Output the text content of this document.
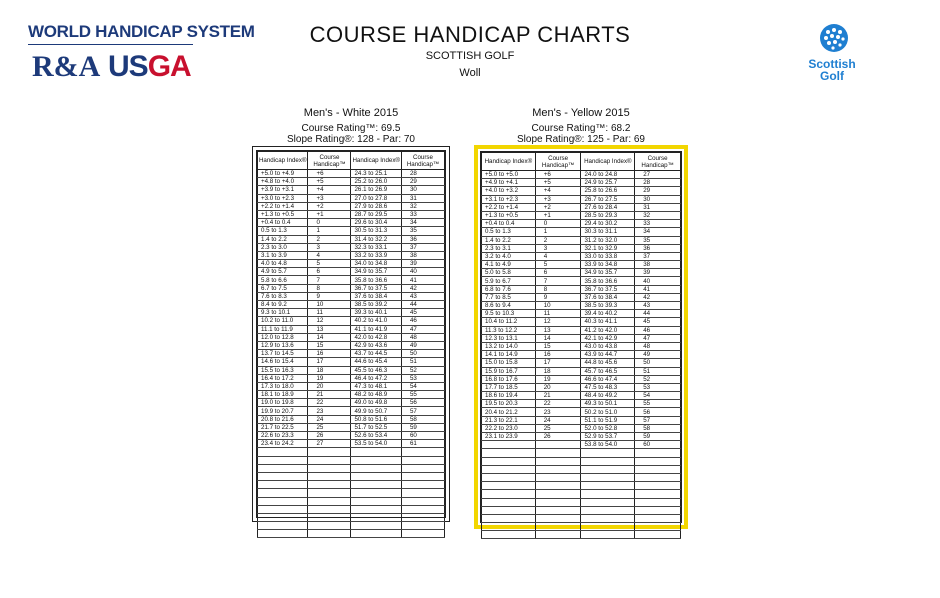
WORLD HANDICAP SYSTEM
R&A USGA	Scottish
Golf
COURSE HANDICAP CHARTS
SCOTTISH GOLF
Woll
Men's - White 2015
Course Rating™: 69.5
Slope Rating®: 128 - Par: 70
Handicap Index®	Course Handicap™	Handicap Index®	Course Handicap™
+5.0 to +4.9	+6	24.3 to 25.1	28
+4.8 to +4.0	+5	25.2 to 26.0	29
+3.9 to +3.1	+4	26.1 to 26.9	30
+3.0 to +2.3	+3	27.0 to 27.8	31
+2.2 to +1.4	+2	27.9 to 28.6	32
+1.3 to +0.5	+1	28.7 to 29.5	33
+0.4 to 0.4	0	29.6 to 30.4	34
0.5 to 1.3	1	30.5 to 31.3	35
1.4 to 2.2	2	31.4 to 32.2	36
2.3 to 3.0	3	32.3 to 33.1	37
3.1 to 3.9	4	33.2 to 33.9	38
4.0 to 4.8	5	34.0 to 34.8	39
4.9 to 5.7	6	34.9 to 35.7	40
5.8 to 6.6	7	35.8 to 36.6	41
6.7 to 7.5	8	36.7 to 37.5	42
7.6 to 8.3	9	37.6 to 38.4	43
8.4 to 9.2	10	38.5 to 39.2	44
9.3 to 10.1	11	39.3 to 40.1	45
10.2 to 11.0	12	40.2 to 41.0	46
11.1 to 11.9	13	41.1 to 41.9	47
12.0 to 12.8	14	42.0 to 42.8	48
12.9 to 13.6	15	42.9 to 43.6	49
13.7 to 14.5	16	43.7 to 44.5	50
14.6 to 15.4	17	44.6 to 45.4	51
15.5 to 16.3	18	45.5 to 46.3	52
16.4 to 17.2	19	46.4 to 47.2	53
17.3 to 18.0	20	47.3 to 48.1	54
18.1 to 18.9	21	48.2 to 48.9	55
19.0 to 19.8	22	49.0 to 49.8	56
19.9 to 20.7	23	49.9 to 50.7	57
20.8 to 21.6	24	50.8 to 51.6	58
21.7 to 22.5	25	51.7 to 52.5	59
22.6 to 23.3	26	52.6 to 53.4	60
23.4 to 24.2	27	53.5 to 54.0	61

Men's - Yellow 2015
Course Rating™: 68.2
Slope Rating®: 125 - Par: 69
Handicap Index®	Course Handicap™	Handicap Index®	Course Handicap™
+5.0 to +5.0	+6	24.0 to 24.8	27
+4.9 to +4.1	+5	24.9 to 25.7	28
+4.0 to +3.2	+4	25.8 to 26.6	29
+3.1 to +2.3	+3	26.7 to 27.5	30
+2.2 to +1.4	+2	27.6 to 28.4	31
+1.3 to +0.5	+1	28.5 to 29.3	32
+0.4 to 0.4	0	29.4 to 30.2	33
0.5 to 1.3	1	30.3 to 31.1	34
1.4 to 2.2	2	31.2 to 32.0	35
2.3 to 3.1	3	32.1 to 32.9	36
3.2 to 4.0	4	33.0 to 33.8	37
4.1 to 4.9	5	33.9 to 34.8	38
5.0 to 5.8	6	34.9 to 35.7	39
5.9 to 6.7	7	35.8 to 36.6	40
6.8 to 7.6	8	36.7 to 37.5	41
7.7 to 8.5	9	37.6 to 38.4	42
8.6 to 9.4	10	38.5 to 39.3	43
9.5 to 10.3	11	39.4 to 40.2	44
10.4 to 11.2	12	40.3 to 41.1	45
11.3 to 12.2	13	41.2 to 42.0	46
12.3 to 13.1	14	42.1 to 42.9	47
13.2 to 14.0	15	43.0 to 43.8	48
14.1 to 14.9	16	43.9 to 44.7	49
15.0 to 15.8	17	44.8 to 45.6	50
15.9 to 16.7	18	45.7 to 46.5	51
16.8 to 17.6	19	46.6 to 47.4	52
17.7 to 18.5	20	47.5 to 48.3	53
18.6 to 19.4	21	48.4 to 49.2	54
19.5 to 20.3	22	49.3 to 50.1	55
20.4 to 21.2	23	50.2 to 51.0	56
21.3 to 22.1	24	51.1 to 51.9	57
22.2 to 23.0	25	52.0 to 52.8	58
23.1 to 23.9	26	52.9 to 53.7	59
		53.8 to 54.0	60
